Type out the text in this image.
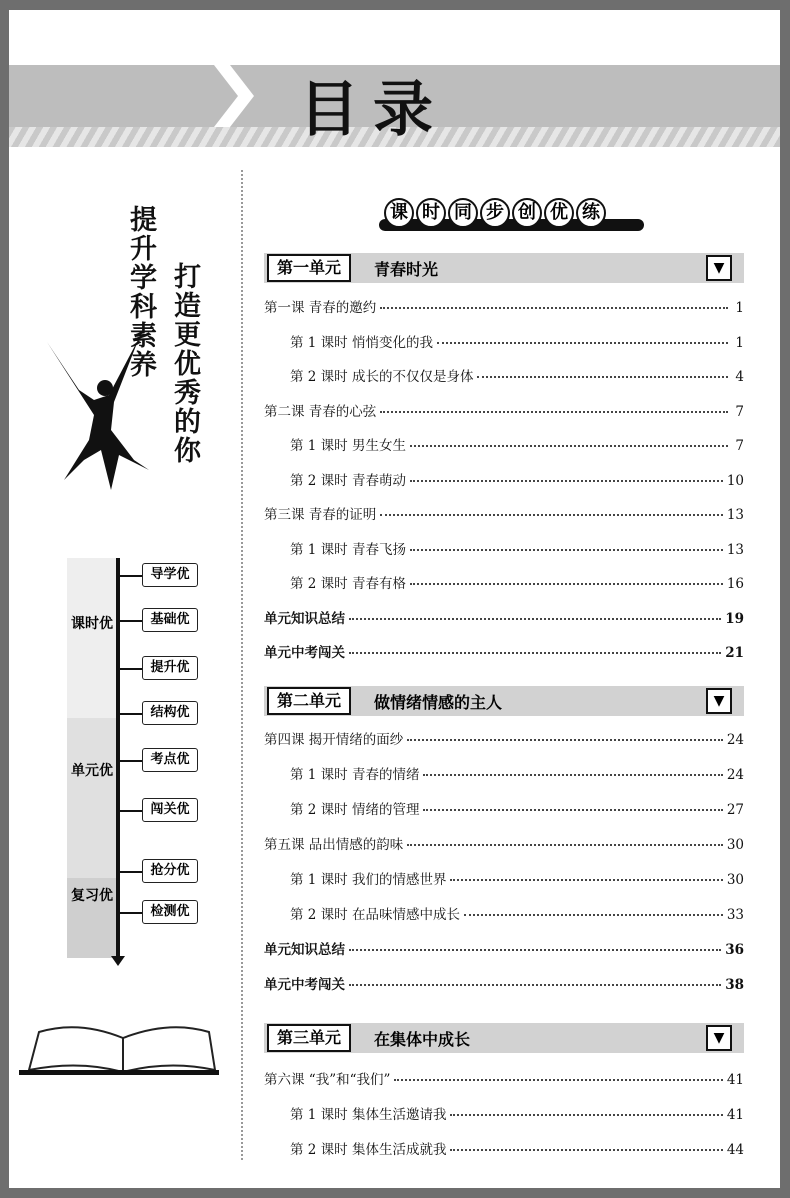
目录
提升学科素养 打造更优秀的你
课时优
单元优
复习优
导学优
基础优
提升优
结构优
考点优
闯关优
抢分优
检测优
课 时 同 步 创 优 练
第一单元	青春时光	▼
第一课 青春的邀约	1
第 1 课时 悄悄变化的我	1
第 2 课时 成长的不仅仅是身体	4
第二课 青春的心弦	7
第 1 课时 男生女生	7
第 2 课时 青春萌动	10
第三课 青春的证明	13
第 1 课时 青春飞扬	13
第 2 课时 青春有格	16
单元知识总结	19
单元中考闯关	21
第二单元	做情绪情感的主人	▼
第四课 揭开情绪的面纱	24
第 1 课时 青春的情绪	24
第 2 课时 情绪的管理	27
第五课 品出情感的韵味	30
第 1 课时 我们的情感世界	30
第 2 课时 在品味情感中成长	33
单元知识总结	36
单元中考闯关	38
第三单元	在集体中成长	▼
第六课 “我”和“我们”	41
第 1 课时 集体生活邀请我	41
第 2 课时 集体生活成就我	44
